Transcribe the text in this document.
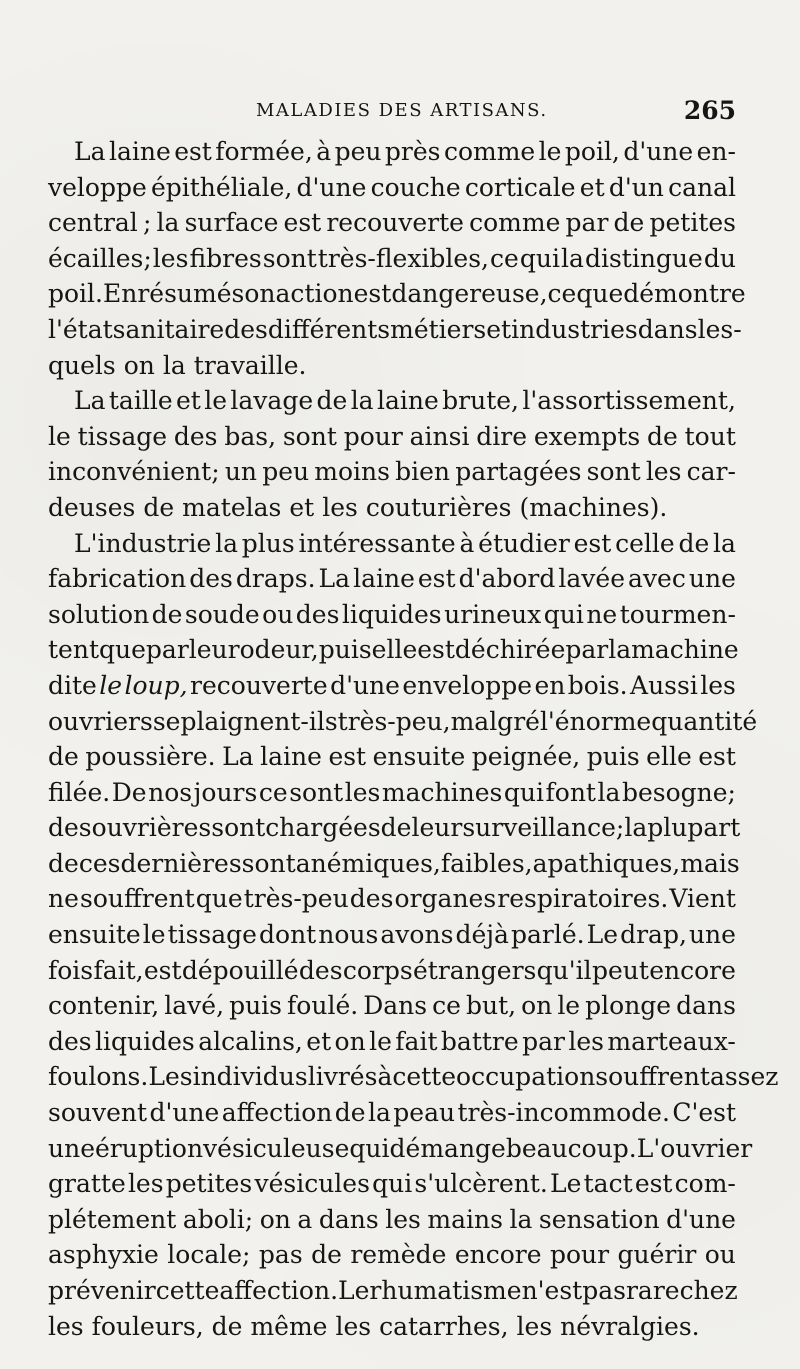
MALADIES DES ARTISANS.	265
La laine est formée, à peu près comme le poil, d'une en-
veloppe épithéliale, d'une couche corticale et d'un canal
central ; la surface est recouverte comme par de petites
écailles; les fibres sont très-flexibles, ce qui la distingue du
poil. En résumé son action est dangereuse, ce que démontre
l'état sanitaire des différents métiers et industries dans les-
quels on la travaille.
La taille et le lavage de la laine brute, l'assortissement,
le tissage des bas, sont pour ainsi dire exempts de tout
inconvénient; un peu moins bien partagées sont les car-
deuses de matelas et les couturières (machines).
L'industrie la plus intéressante à étudier est celle de la
fabrication des draps. La laine est d'abord lavée avec une
solution de soude ou des liquides urineux qui ne tourmen-
tent que par leur odeur, puis elle est déchirée par la machine
dite le loup, recouverte d'une enveloppe en bois. Aussi les
ouvriers se plaignent-ils très-peu, malgré l'énorme quantité
de poussière. La laine est ensuite peignée, puis elle est
filée. De nos jours ce sont les machines qui font la besogne;
des ouvrières sont chargées de leur surveillance ; la plupart
de ces dernières sont anémiques, faibles, apathiques, mais
ne souffrent que très-peu des organes respiratoires. Vient
ensuite le tissage dont nous avons déjà parlé. Le drap, une
fois fait, est dépouillé des corps étrangers qu'il peut encore
contenir, lavé, puis foulé. Dans ce but, on le plonge dans
des liquides alcalins, et on le fait battre par les marteaux-
foulons. Les individus livrés à cette occupation souffrent assez
souvent d'une affection de la peau très-incommode. C'est
une éruption vésiculeuse qui démange beaucoup. L'ouvrier
gratte les petites vésicules qui s'ulcèrent. Le tact est com-
plétement aboli; on a dans les mains la sensation d'une
asphyxie locale; pas de remède encore pour guérir ou
prévenir cette affection. Le rhumatisme n'est pas rare chez
les fouleurs, de même les catarrhes, les névralgies.
